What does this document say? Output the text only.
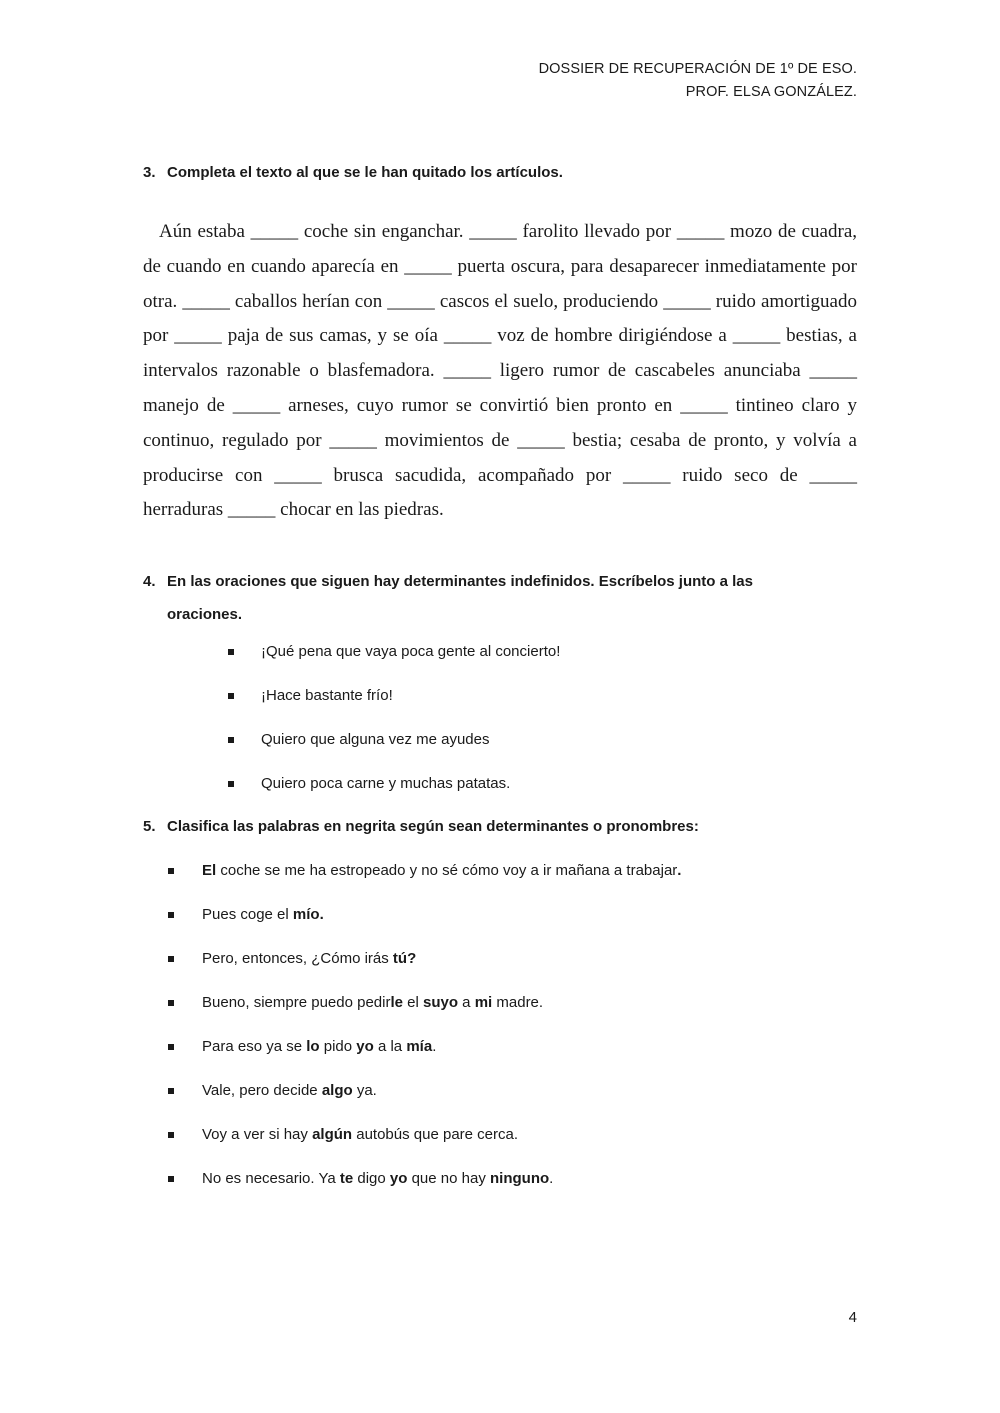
DOSSIER DE RECUPERACIÓN DE 1º DE ESO.
PROF. ELSA GONZÁLEZ.
3. Completa el texto al que se le han quitado los artículos.

Aún estaba _____ coche sin enganchar. _____ farolito llevado por _____ mozo de cuadra, de cuando en cuando aparecía en _____ puerta oscura, para desaparecer inmediatamente por otra. _____ caballos herían con _____ cascos el suelo, produciendo _____ ruido amortiguado por _____ paja de sus camas, y se oía _____ voz de hombre dirigiéndose a _____ bestias, a intervalos razonable o blasfemadora. _____ ligero rumor de cascabeles anunciaba _____ manejo de _____ arneses, cuyo rumor se convirtió bien pronto en _____ tintineo claro y continuo, regulado por _____ movimientos de _____ bestia; cesaba de pronto, y volvía a producirse con _____ brusca sacudida, acompañado por _____ ruido seco de _____ herraduras _____ chocar en las piedras.

4. En las oraciones que siguen hay determinantes indefinidos. Escríbelos junto a las
oraciones.
¡Qué pena que vaya poca gente al concierto!
¡Hace bastante frío!
Quiero que alguna vez me ayudes
Quiero poca carne y muchas patatas.
5. Clasifica las palabras en negrita según sean determinantes o pronombres:
El coche se me ha estropeado y no sé cómo voy a ir mañana a trabajar.
Pues coge el mío.
Pero, entonces, ¿Cómo irás tú?
Bueno, siempre puedo pedirle el suyo a mi madre.
Para eso ya se lo pido yo a la mía.
Vale, pero decide algo ya.
Voy a ver si hay algún autobús que pare cerca.
No es necesario. Ya te digo yo que no hay ninguno.
4
